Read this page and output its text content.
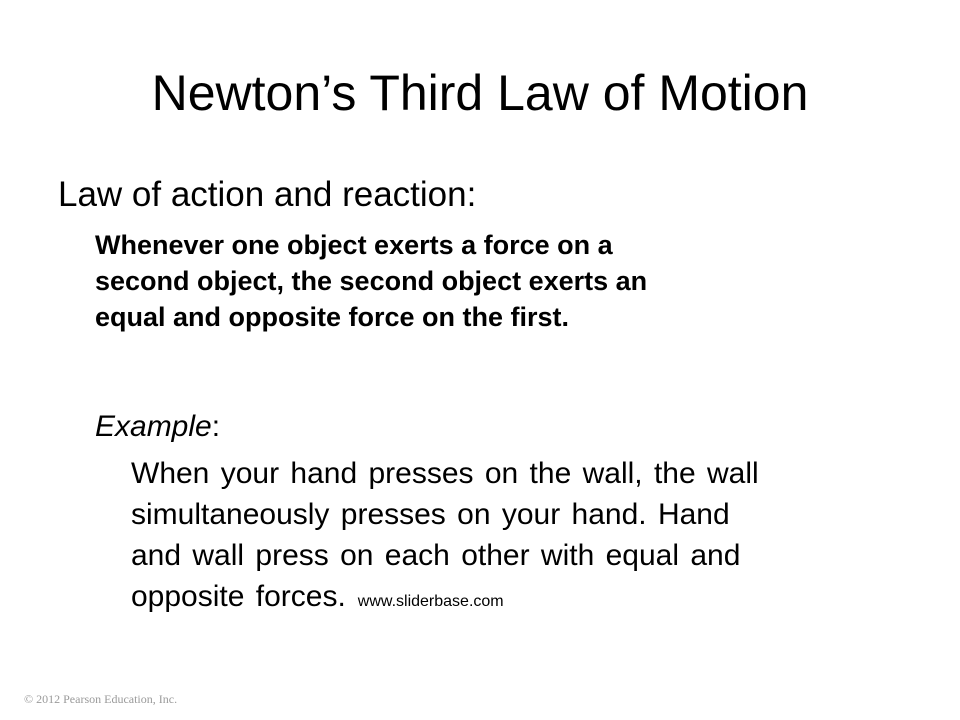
Newton’s Third Law of Motion
Law of action and reaction:
Whenever one object exerts a force on a
second object, the second object exerts an
equal and opposite force on the first.
Example:
When your hand presses on the wall, the wall
simultaneously presses on your hand. Hand
and wall press on each other with equal and
opposite forces. www.sliderbase.com
© 2012 Pearson Education, Inc.
